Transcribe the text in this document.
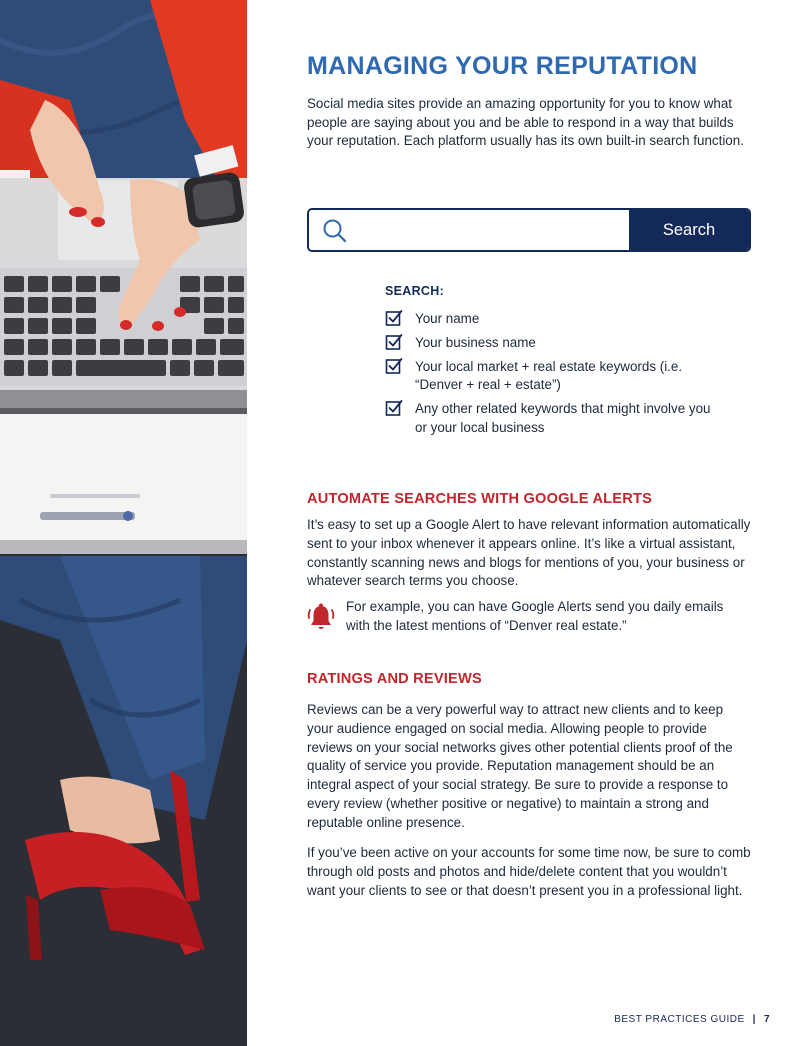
MANAGING YOUR REPUTATION

Social media sites provide an amazing opportunity for you to know what people are saying about you and be able to respond in a way that builds your reputation. Each platform usually has its own built-in search function.

Search
SEARCH:
Your name
Your business name
Your local market + real estate keywords (i.e. “Denver + real + estate”)
Any other related keywords that might involve you or your local business
AUTOMATE SEARCHES WITH GOOGLE ALERTS

It’s easy to set up a Google Alert to have relevant information automatically sent to your inbox whenever it appears online. It’s like a virtual assistant, constantly scanning news and blogs for mentions of you, your business or whatever search terms you choose.

For example, you can have Google Alerts send you daily emails with the latest mentions of “Denver real estate.”

RATINGS AND REVIEWS

Reviews can be a very powerful way to attract new clients and to keep your audience engaged on social media. Allowing people to provide reviews on your social networks gives other potential clients proof of the quality of service you provide. Reputation management should be an integral aspect of your social strategy. Be sure to provide a response to every review (whether positive or negative) to maintain a strong and reputable online presence.

If you’ve been active on your accounts for some time now, be sure to comb through old posts and photos and hide/delete content that you wouldn’t want your clients to see or that doesn’t present you in a professional light.

BEST PRACTICES GUIDE | 7
